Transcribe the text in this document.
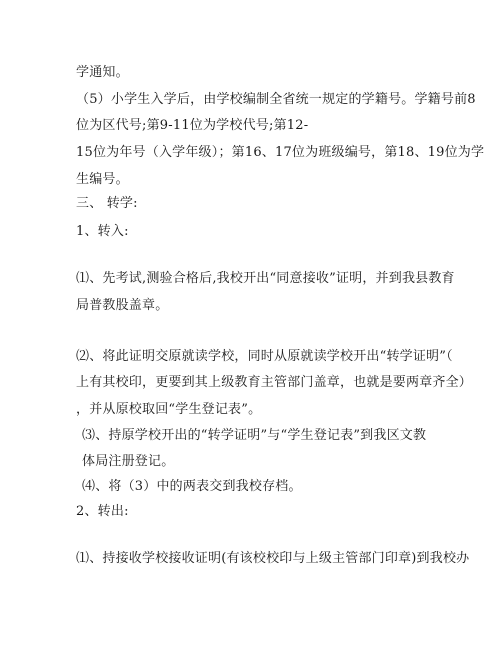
学通知。
（5）小学生入学后，由学校编制全省统一规定的学籍号。学籍号前8
位为区代号;第9-11位为学校代号;第12-
15位为年号（入学年级）；第16、17位为班级编号，第18、19位为学
生编号。
三、 转学:
1、转入:
⑴、先考试,测验合格后,我校开出“同意接收”证明，并到我县教育
局普教股盖章。
⑵、将此证明交原就读学校，同时从原就读学校开出“转学证明”（
上有其校印，更要到其上级教育主管部门盖章，也就是要两章齐全）
，并从原校取回“学生登记表”。
⑶、持原学校开出的“转学证明”与“学生登记表”到我区文教
体局注册登记。
⑷、将（3）中的两表交到我校存档。
2、转出:
⑴、持接收学校接收证明(有该校校印与上级主管部门印章)到我校办
